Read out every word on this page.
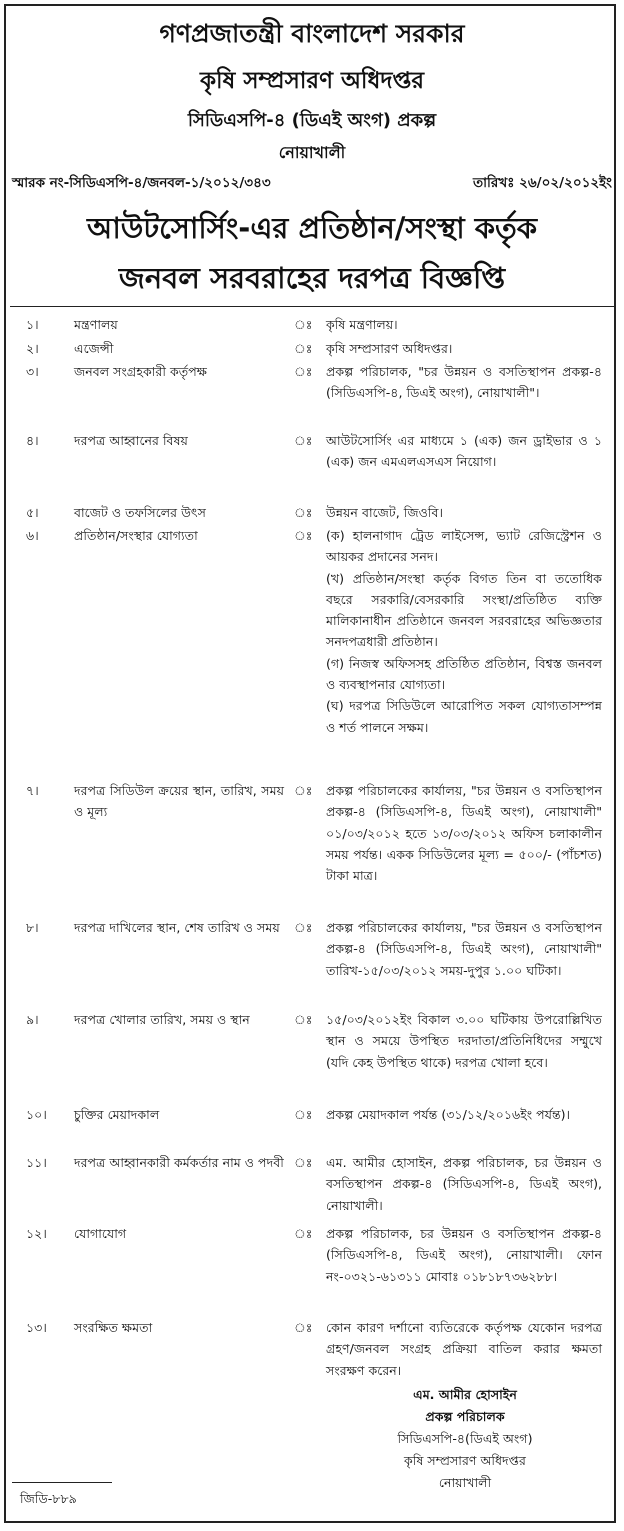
গণপ্রজাতন্ত্রী বাংলাদেশ সরকার
কৃষি সম্প্রসারণ অধিদপ্তর
সিডিএসপি-৪ (ডিএই অংগ) প্রকল্প
নোয়াখালী
স্মারক নং-সিডিএসপি-৪/জনবল-১/২০১২/৩৪৩	তারিখঃ ২৬/০২/২০১২ইং
আউটসোর্সিং-এর প্রতিষ্ঠান/সংস্থা কর্তৃক
জনবল সরবরাহের দরপত্র বিজ্ঞপ্তি
১।	মন্ত্রণালয়	ঃ কৃষি মন্ত্রণালয়।

২।	এজেন্সী	ঃ কৃষি সম্প্রসারণ অধিদপ্তর।

৩।	জনবল সংগ্রহকারী কর্তৃপক্ষ	ঃ প্রকল্প পরিচালক, "চর উন্নয়ন ও বসতিস্থাপন প্রকল্প-৪ (সিডিএসপি-৪, ডিএই অংগ), নোয়াখালী"।

৪।	দরপত্র আহ্বানের বিষয়	ঃ আউটসোর্সিং এর মাধ্যমে ১ (এক) জন ড্রাইভার ও ১ (এক) জন এমএলএসএস নিয়োগ।

৫।	বাজেট ও তফসিলের উৎস	ঃ উন্নয়ন বাজেট, জিওবি।

৬।	প্রতিষ্ঠান/সংস্থার যোগ্যতা	ঃ (ক) হালনাগাদ ট্রেড লাইসেন্স, ভ্যাট রেজিস্ট্রেশন ও আয়কর প্রদানের সনদ।

(খ) প্রতিষ্ঠান/সংস্থা কর্তৃক বিগত তিন বা ততোধিক বছরে সরকারি/বেসরকারি সংস্থা/প্রতিষ্ঠিত ব্যক্তি মালিকানাধীন প্রতিষ্ঠানে জনবল সরবরাহের অভিজ্ঞতার সনদপত্রধারী প্রতিষ্ঠান।

(গ) নিজস্ব অফিসসহ প্রতিষ্ঠিত প্রতিষ্ঠান, বিশ্বস্ত জনবল ও ব্যবস্থাপনার যোগ্যতা।

(ঘ) দরপত্র সিডিউলে আরোপিত সকল যোগ্যতাসম্পন্ন ও শর্ত পালনে সক্ষম।

৭।	দরপত্র সিডিউল ক্রয়ের স্থান, তারিখ, সময় ও মূল্য
ঃ প্রকল্প পরিচালকের কার্যালয়, "চর উন্নয়ন ও বসতিস্থাপন প্রকল্প-৪ (সিডিএসপি-৪, ডিএই অংগ), নোয়াখালী" ০১/০৩/২০১২ হতে ১৩/০৩/২০১২ অফিস চলাকালীন সময় পর্যন্ত। একক সিডিউলের মূল্য = ৫০০/- (পাঁচশত) টাকা মাত্র।

৮।	দরপত্র দাখিলের স্থান, শেষ তারিখ ও সময়	ঃ প্রকল্প পরিচালকের কার্যালয়, "চর উন্নয়ন ও বসতিস্থাপন প্রকল্প-৪ (সিডিএসপি-৪, ডিএই অংগ), নোয়াখালী" তারিখ-১৫/০৩/২০১২ সময়-দুপুর ১.০০ ঘটিকা।

৯।	দরপত্র খোলার তারিখ, সময় ও স্থান	ঃ ১৫/০৩/২০১২ইং বিকাল ৩.০০ ঘটিকায় উপরোল্লিখিত স্থান ও সময়ে উপস্থিত দরদাতা/প্রতিনিধিদের সম্মুখে (যদি কেহ উপস্থিত থাকে) দরপত্র খোলা হবে।

১০।	চুক্তির মেয়াদকাল	ঃ প্রকল্প মেয়াদকাল পর্যন্ত (৩১/১২/২০১৬ইং পর্যন্ত)।

১১।	দরপত্র আহ্বানকারী কর্মকর্তার নাম ও পদবী ঃ এম. আমীর হোসাইন, প্রকল্প পরিচালক, চর উন্নয়ন ও বসতিস্থাপন প্রকল্প-৪ (সিডিএসপি-৪, ডিএই অংগ), নোয়াখালী।

১২।	যোগাযোগ	ঃ প্রকল্প পরিচালক, চর উন্নয়ন ও বসতিস্থাপন প্রকল্প-৪ (সিডিএসপি-৪, ডিএই অংগ), নোয়াখালী। ফোন নং-০৩২১-৬১৩১১ মোবাঃ ০১৮১৮৭৩৬২৮৮।

১৩।	সংরক্ষিত ক্ষমতা	ঃ কোন কারণ দর্শানো ব্যতিরেকে কর্তৃপক্ষ যেকোন দরপত্র গ্রহণ/জনবল সংগ্রহ প্রক্রিয়া বাতিল করার ক্ষমতা সংরক্ষণ করেন।

এম. আমীর হোসাইন
প্রকল্প পরিচালক
সিডিএসপি-৪(ডিএই অংগ)
কৃষি সম্প্রসারণ অধিদপ্তর
নোয়াখালী
জিডি-৮৮৯
